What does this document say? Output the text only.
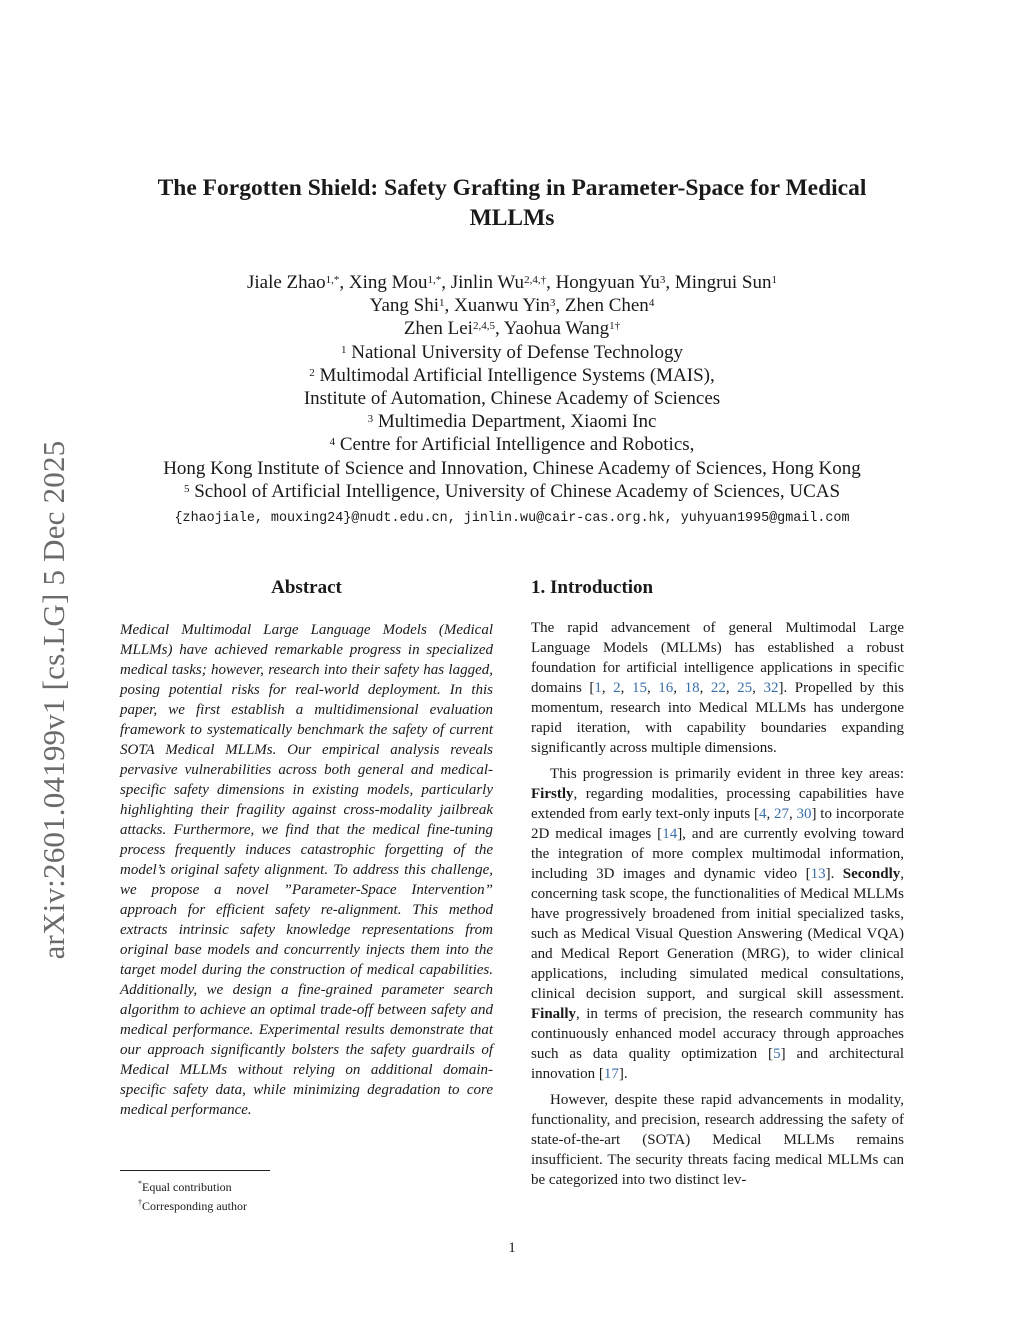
arXiv:2601.04199v1 [cs.LG] 5 Dec 2025
The Forgotten Shield: Safety Grafting in Parameter-Space for Medical
MLLMs
Jiale Zhao$^{1,*}$, Xing Mou$^{1,*}$, Jinlin $Wu^{2,4,\dagger}$, Hongyuan Yu$^3$, Mingrui Sun$^1$
Yang Shi$^1$, Xuanwu Yin$^3$, Zhen Chen$^4$
Zhen Lei$^{2,4,5}$, Yaohua Wang$^{1\dagger}$
$^1$ National University of Defense Technology
$^2$ Multimodal Artificial Intelligence Systems (MAIS),
Institute of Automation, Chinese Academy of Sciences
$^3$ Multimedia Department, Xiaomi Inc
$^4$ Centre for Artificial Intelligence and Robotics,
Hong Kong Institute of Science and Innovation, Chinese Academy of Sciences, Hong Kong
$^5$ School of Artificial Intelligence, University of Chinese Academy of Sciences, UCAS
{zhaojiale, mouxing24}@nudt.edu.cn, jinlin.wu@cair-cas.org.hk, yuhyuan1995@gmail.com
Abstract
Medical Multimodal Large Language Models (Medical MLLMs) have achieved remarkable progress in specialized medical tasks; however, research into their safety has lagged, posing potential risks for real-world deployment. In this paper, we first establish a multidimensional evaluation framework to systematically benchmark the safety of current SOTA Medical MLLMs. Our empirical analysis reveals pervasive vulnerabilities across both general and medical-specific safety dimensions in existing models, particularly highlighting their fragility against cross-modality jailbreak attacks. Furthermore, we find that the medical fine-tuning process frequently induces catastrophic forgetting of the model’s original safety alignment. To address this challenge, we propose a novel ”Parameter-Space Intervention” approach for efficient safety re-alignment. This method extracts intrinsic safety knowledge representations from original base models and concurrently injects them into the target model during the construction of medical capabilities. Additionally, we design a fine-grained parameter search algorithm to achieve an optimal trade-off between safety and medical performance. Experimental results demonstrate that our approach significantly bolsters the safety guardrails of Medical MLLMs without relying on additional domain-specific safety data, while minimizing degradation to core medical performance.
1. Introduction

The rapid advancement of general Multimodal Large Language Models (MLLMs) has established a robust foundation for artificial intelligence applications in specific domains [1, 2, 15, 16, 18, 22, 25, 32]. Propelled by this momentum, research into Medical MLLMs has undergone rapid iteration, with capability boundaries expanding significantly across multiple dimensions.

This progression is primarily evident in three key areas: Firstly, regarding modalities, processing capabilities have extended from early text-only inputs [4, 27, 30] to incorporate 2D medical images [14], and are currently evolving toward the integration of more complex multimodal information, including 3D images and dynamic video [13]. Secondly, concerning task scope, the functionalities of Medical MLLMs have progressively broadened from initial specialized tasks, such as Medical Visual Question Answering (Medical VQA) and Medical Report Generation (MRG), to wider clinical applications, including simulated medical consultations, clinical decision support, and surgical skill assessment. Finally, in terms of precision, the research community has continuously enhanced model accuracy through approaches such as data quality optimization [5] and architectural innovation [17].

However, despite these rapid advancements in modality, functionality, and precision, research addressing the safety of state-of-the-art (SOTA) Medical MLLMs remains insufficient. The security threats facing medical MLLMs can be categorized into two distinct lev-

*Equal contribution
†Corresponding author
1
